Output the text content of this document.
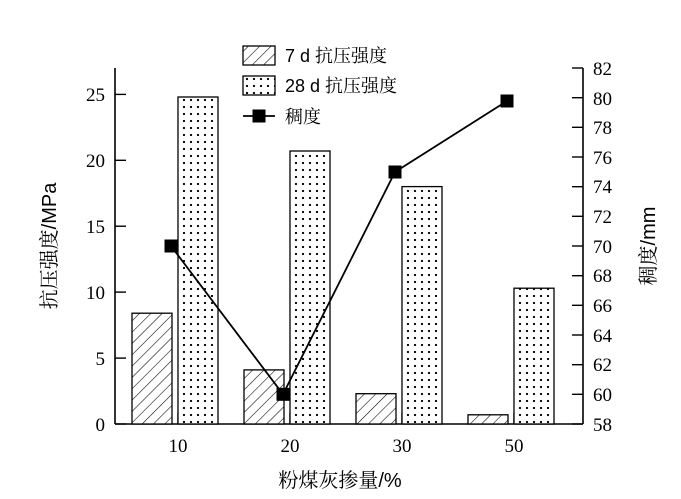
0
5
10
15
20
25
58
60
62
64
66
68
70
72
74
76
78
80
82
10	20	30	50
7 d 抗压强度
28 d 抗压强度
稠度
粉煤灰掺量/%
抗压强度/MPa	稠度/mm
